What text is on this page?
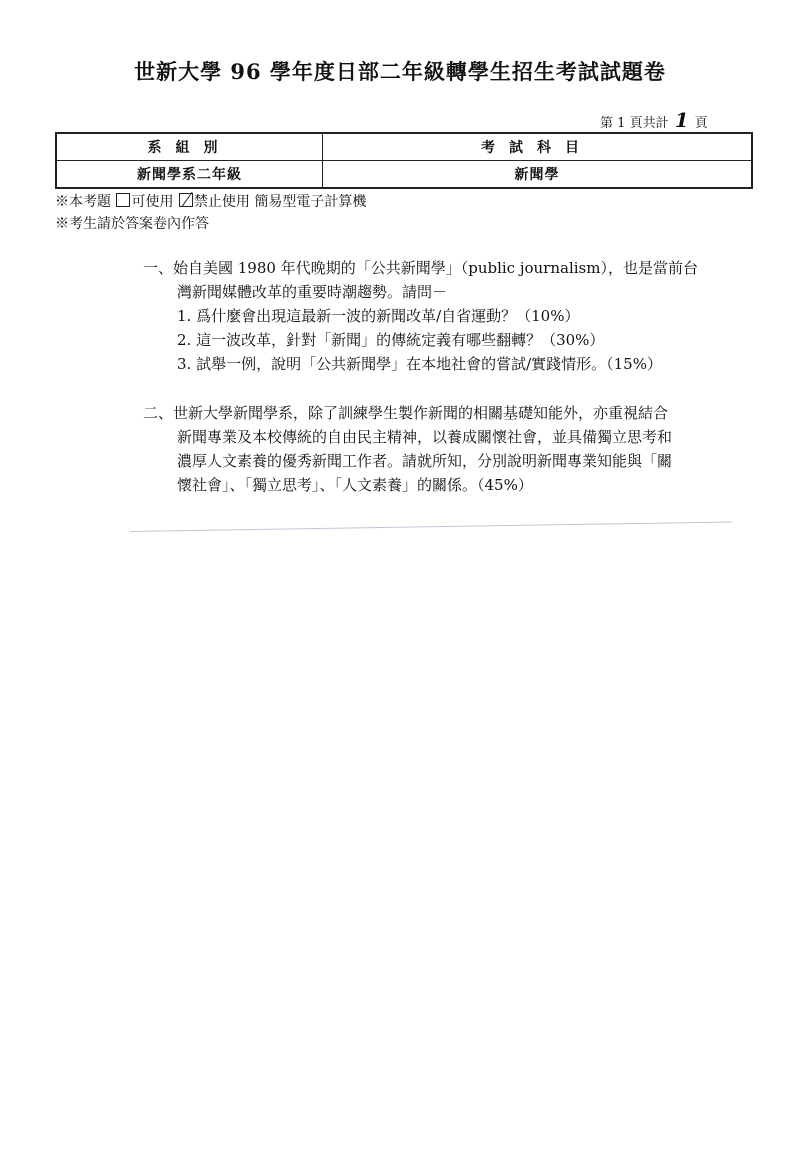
世新大學 96 學年度日部二年級轉學生招生考試試題卷
第 1 頁共計 1 頁
系組別	考試科目
新聞學系二年級	新聞學
※本考題 可使用 禁止使用 簡易型電子計算機
※考生請於答案卷內作答
一、始自美國 1980 年代晚期的「公共新聞學」（public journalism），也是當前台
灣新聞媒體改革的重要時潮趨勢。請問－
1. 爲什麼會出現這最新一波的新聞改革/自省運動？（10%）
2. 這一波改革，針對「新聞」的傳統定義有哪些翻轉？（30%）
3. 試舉一例，說明「公共新聞學」在本地社會的嘗試/實踐情形。（15%）
二、世新大學新聞學系，除了訓練學生製作新聞的相關基礎知能外，亦重視結合
新聞專業及本校傳統的自由民主精神，以養成關懷社會，並具備獨立思考和
濃厚人文素養的優秀新聞工作者。請就所知，分別說明新聞專業知能與「關
懷社會」、「獨立思考」、「人文素養」的關係。（45%）
